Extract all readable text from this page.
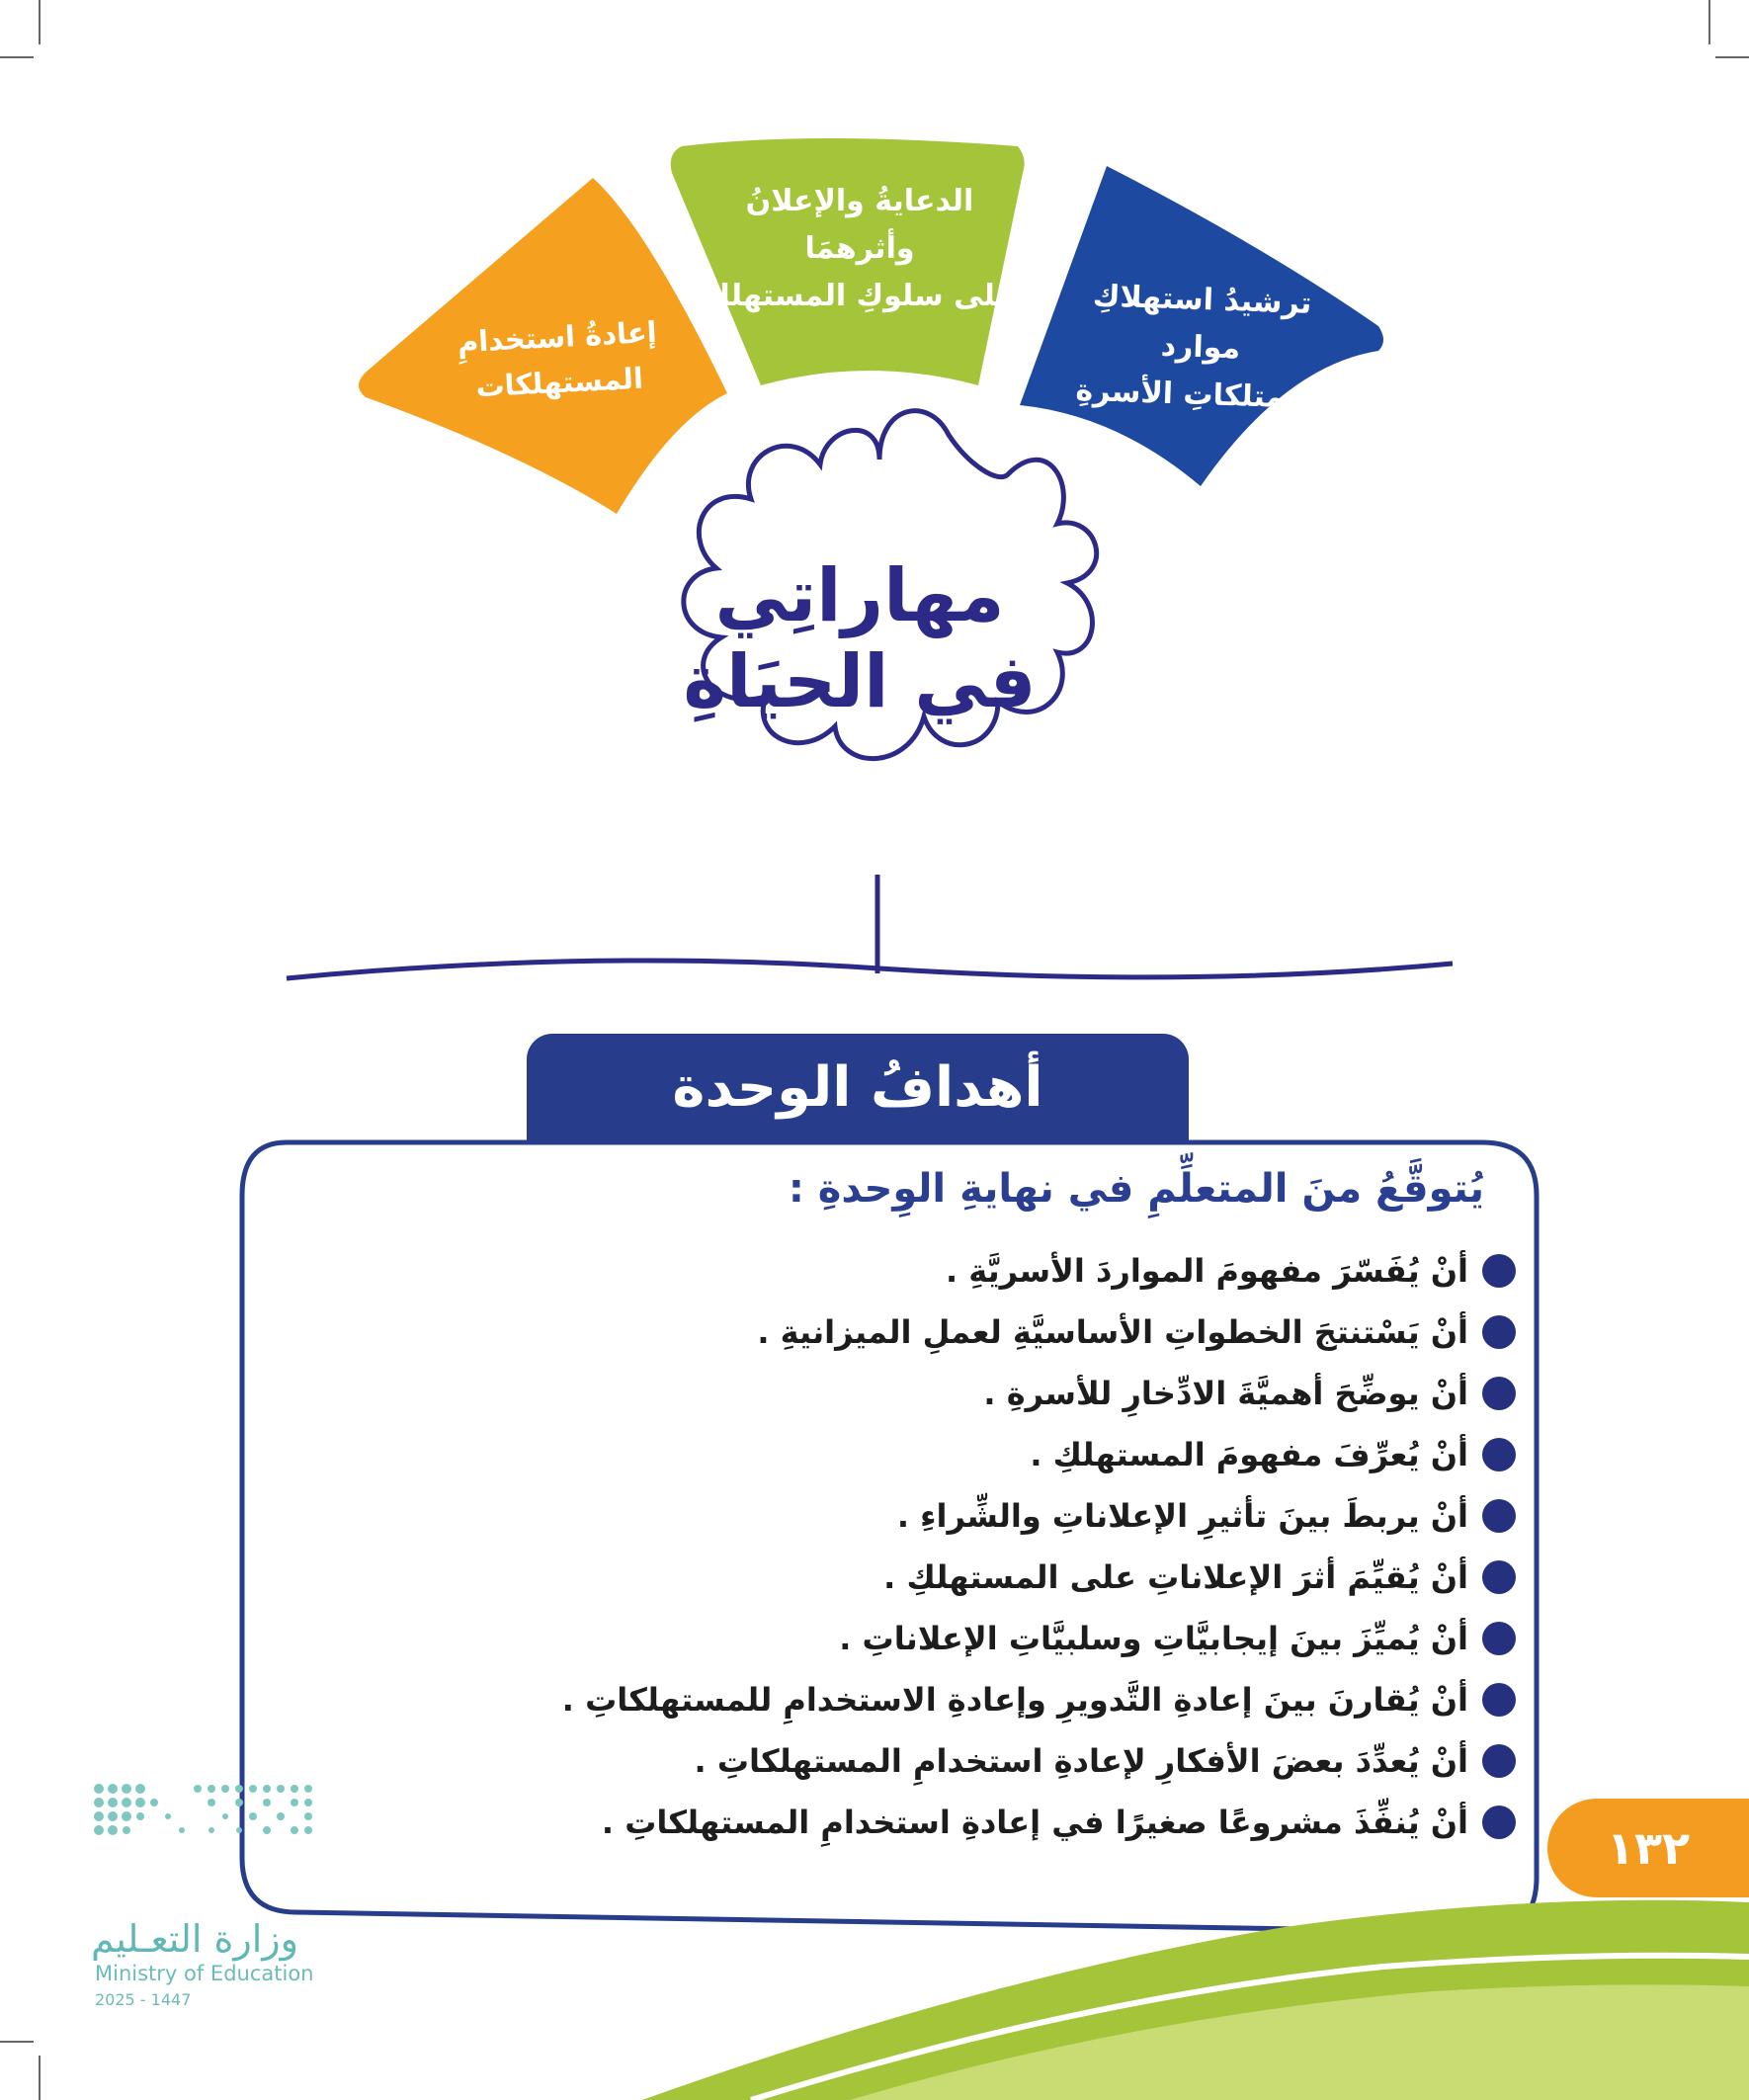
إعادةُ استخدامِ
المستهلكات
الدعايةُ والإعلانُ وأثرهمَا
على سلوكِ المستهلكِ	ترشيدُ استهلاكِ موارد
وممتلكاتِ الأسرةِ
مهاراتِي
في الحيَاةِ
أهدافُ الوحدة
يُتوقَّعُ منَ المتعلِّمِ في نهايةِ الوِحدةِ :
أنْ يُفَسّرَ مفهومَ المواردَ الأسريَّةِ .
أنْ يَسْتنتجَ الخطواتِ الأساسيَّةِ لعملِ الميزانيةِ .
أنْ يوضِّحَ أهميَّةَ الادِّخارِ للأسرةِ .
أنْ يُعرِّفَ مفهومَ المستهلكِ .
أنْ يربطَ بينَ تأثيرِ الإعلاناتِ والشِّراءِ .
أنْ يُقيِّمَ أثرَ الإعلاناتِ على المستهلكِ .
أنْ يُميِّزَ بينَ إيجابيَّاتِ وسلبيَّاتِ الإعلاناتِ .
أنْ يُقارنَ بينَ إعادةِ التَّدويرِ وإعادةِ الاستخدامِ للمستهلكاتِ .
أنْ يُعدِّدَ بعضَ الأفكارِ لإعادةِ استخدامِ المستهلكاتِ .
أنْ يُنفِّذَ مشروعًا صغيرًا في إعادةِ استخدامِ المستهلكاتِ .	١٣٢
وزارة التعـليم
Ministry of Education
2025 - 1447
